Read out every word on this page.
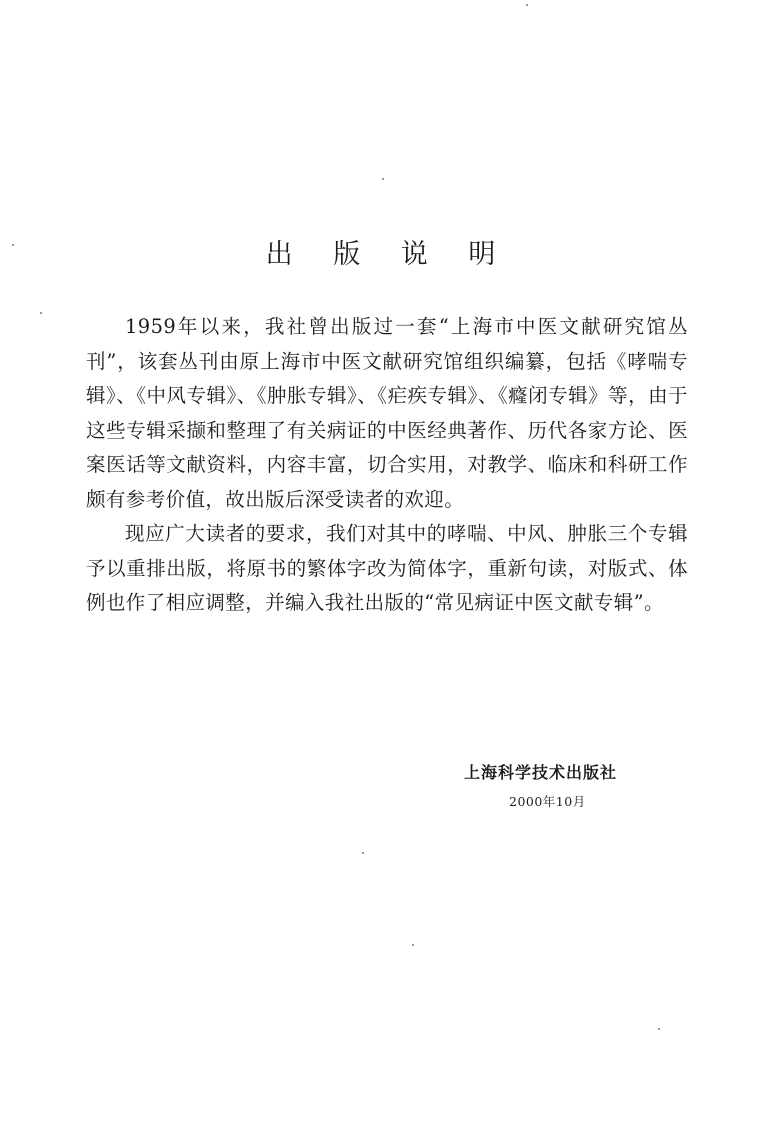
出 版 说 明

1959年以来，我社曾出版过一套“上海市中医文献研究馆丛刊”，该套丛刊由原上海市中医文献研究馆组织编纂，包括《哮喘专辑》、《中风专辑》、《肿胀专辑》、《疟疾专辑》、《癃闭专辑》等，由于这些专辑采撷和整理了有关病证的中医经典著作、历代各家方论、医案医话等文献资料，内容丰富，切合实用，对教学、临床和科研工作颇有参考价值，故出版后深受读者的欢迎。

现应广大读者的要求，我们对其中的哮喘、中风、肿胀三个专辑予以重排出版，将原书的繁体字改为简体字，重新句读，对版式、体例也作了相应调整，并编入我社出版的“常见病证中医文献专辑”。

上海科学技术出版社

2000年10月
